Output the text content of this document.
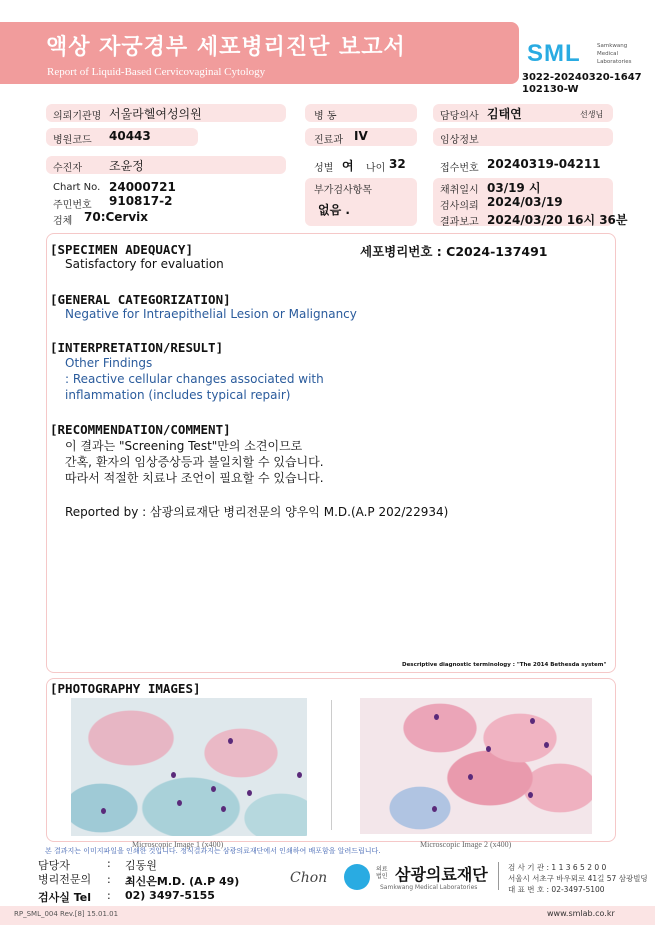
액상 자궁경부 세포병리진단 보고서
Report of Liquid-Based Cervicovaginal Cytology
SML	Samkwang Medical Laboratories
3022-20240320-1647
102130-W
의뢰기관명 서울라헬여성의원	병 동	담당의사 김태연	선생님
병원코드 40443	진료과 IV	임상정보
수진자 조윤정	성별 여 나이 32	접수번호 20240319-04211
Chart No. 24000721
주민번호 910817-2
검체 70:Cervix
부가검사항목
없음 .
채취일시 03/19 시
검사의뢰 2024/03/19
결과보고 2024/03/20 16시 36분
[SPECIMEN ADEQUACY]	세포병리번호 : C2024-137491
Satisfactory for evaluation
[GENERAL CATEGORIZATION]
Negative for Intraepithelial Lesion or Malignancy
[INTERPRETATION/RESULT]
Other Findings
: Reactive cellular changes associated with
inflammation (includes typical repair)
[RECOMMENDATION/COMMENT]
이 결과는 "Screening Test"만의 소견이므로
간혹, 환자의 임상증상등과 불일치할 수 있습니다.
따라서 적절한 치료나 조언이 필요할 수 있습니다.
Reported by : 삼광의료재단 병리전문의 양우익 M.D.(A.P 202/22934)
Descriptive diagnostic terminology : "The 2014 Bethesda system"
[PHOTOGRAPHY IMAGES]
Microscopic Image 1 (x400)	Microscopic Image 2 (x400)
본 결과지는 이미지파일을 인쇄한 것입니다. 정식결과지는 삼광의료재단에서 인쇄하여 배포함을 알려드립니다.
담당자	: 김동원
병리전문의 : 최신은M.D. (A.P 49)
검사실 Tel : 02) 3497-5155
Chon
의료 법인 삼광의료재단
Samkwang Medical Laboratories
검 사 기 관 : 1 1 3 6 5 2 0 0
서울시 서초구 바우뫼로 41길 57 삼광빌딩
대 표 번 호 : 02-3497-5100
RP_SML_004 Rev.[8] 15.01.01	www.smlab.co.kr
